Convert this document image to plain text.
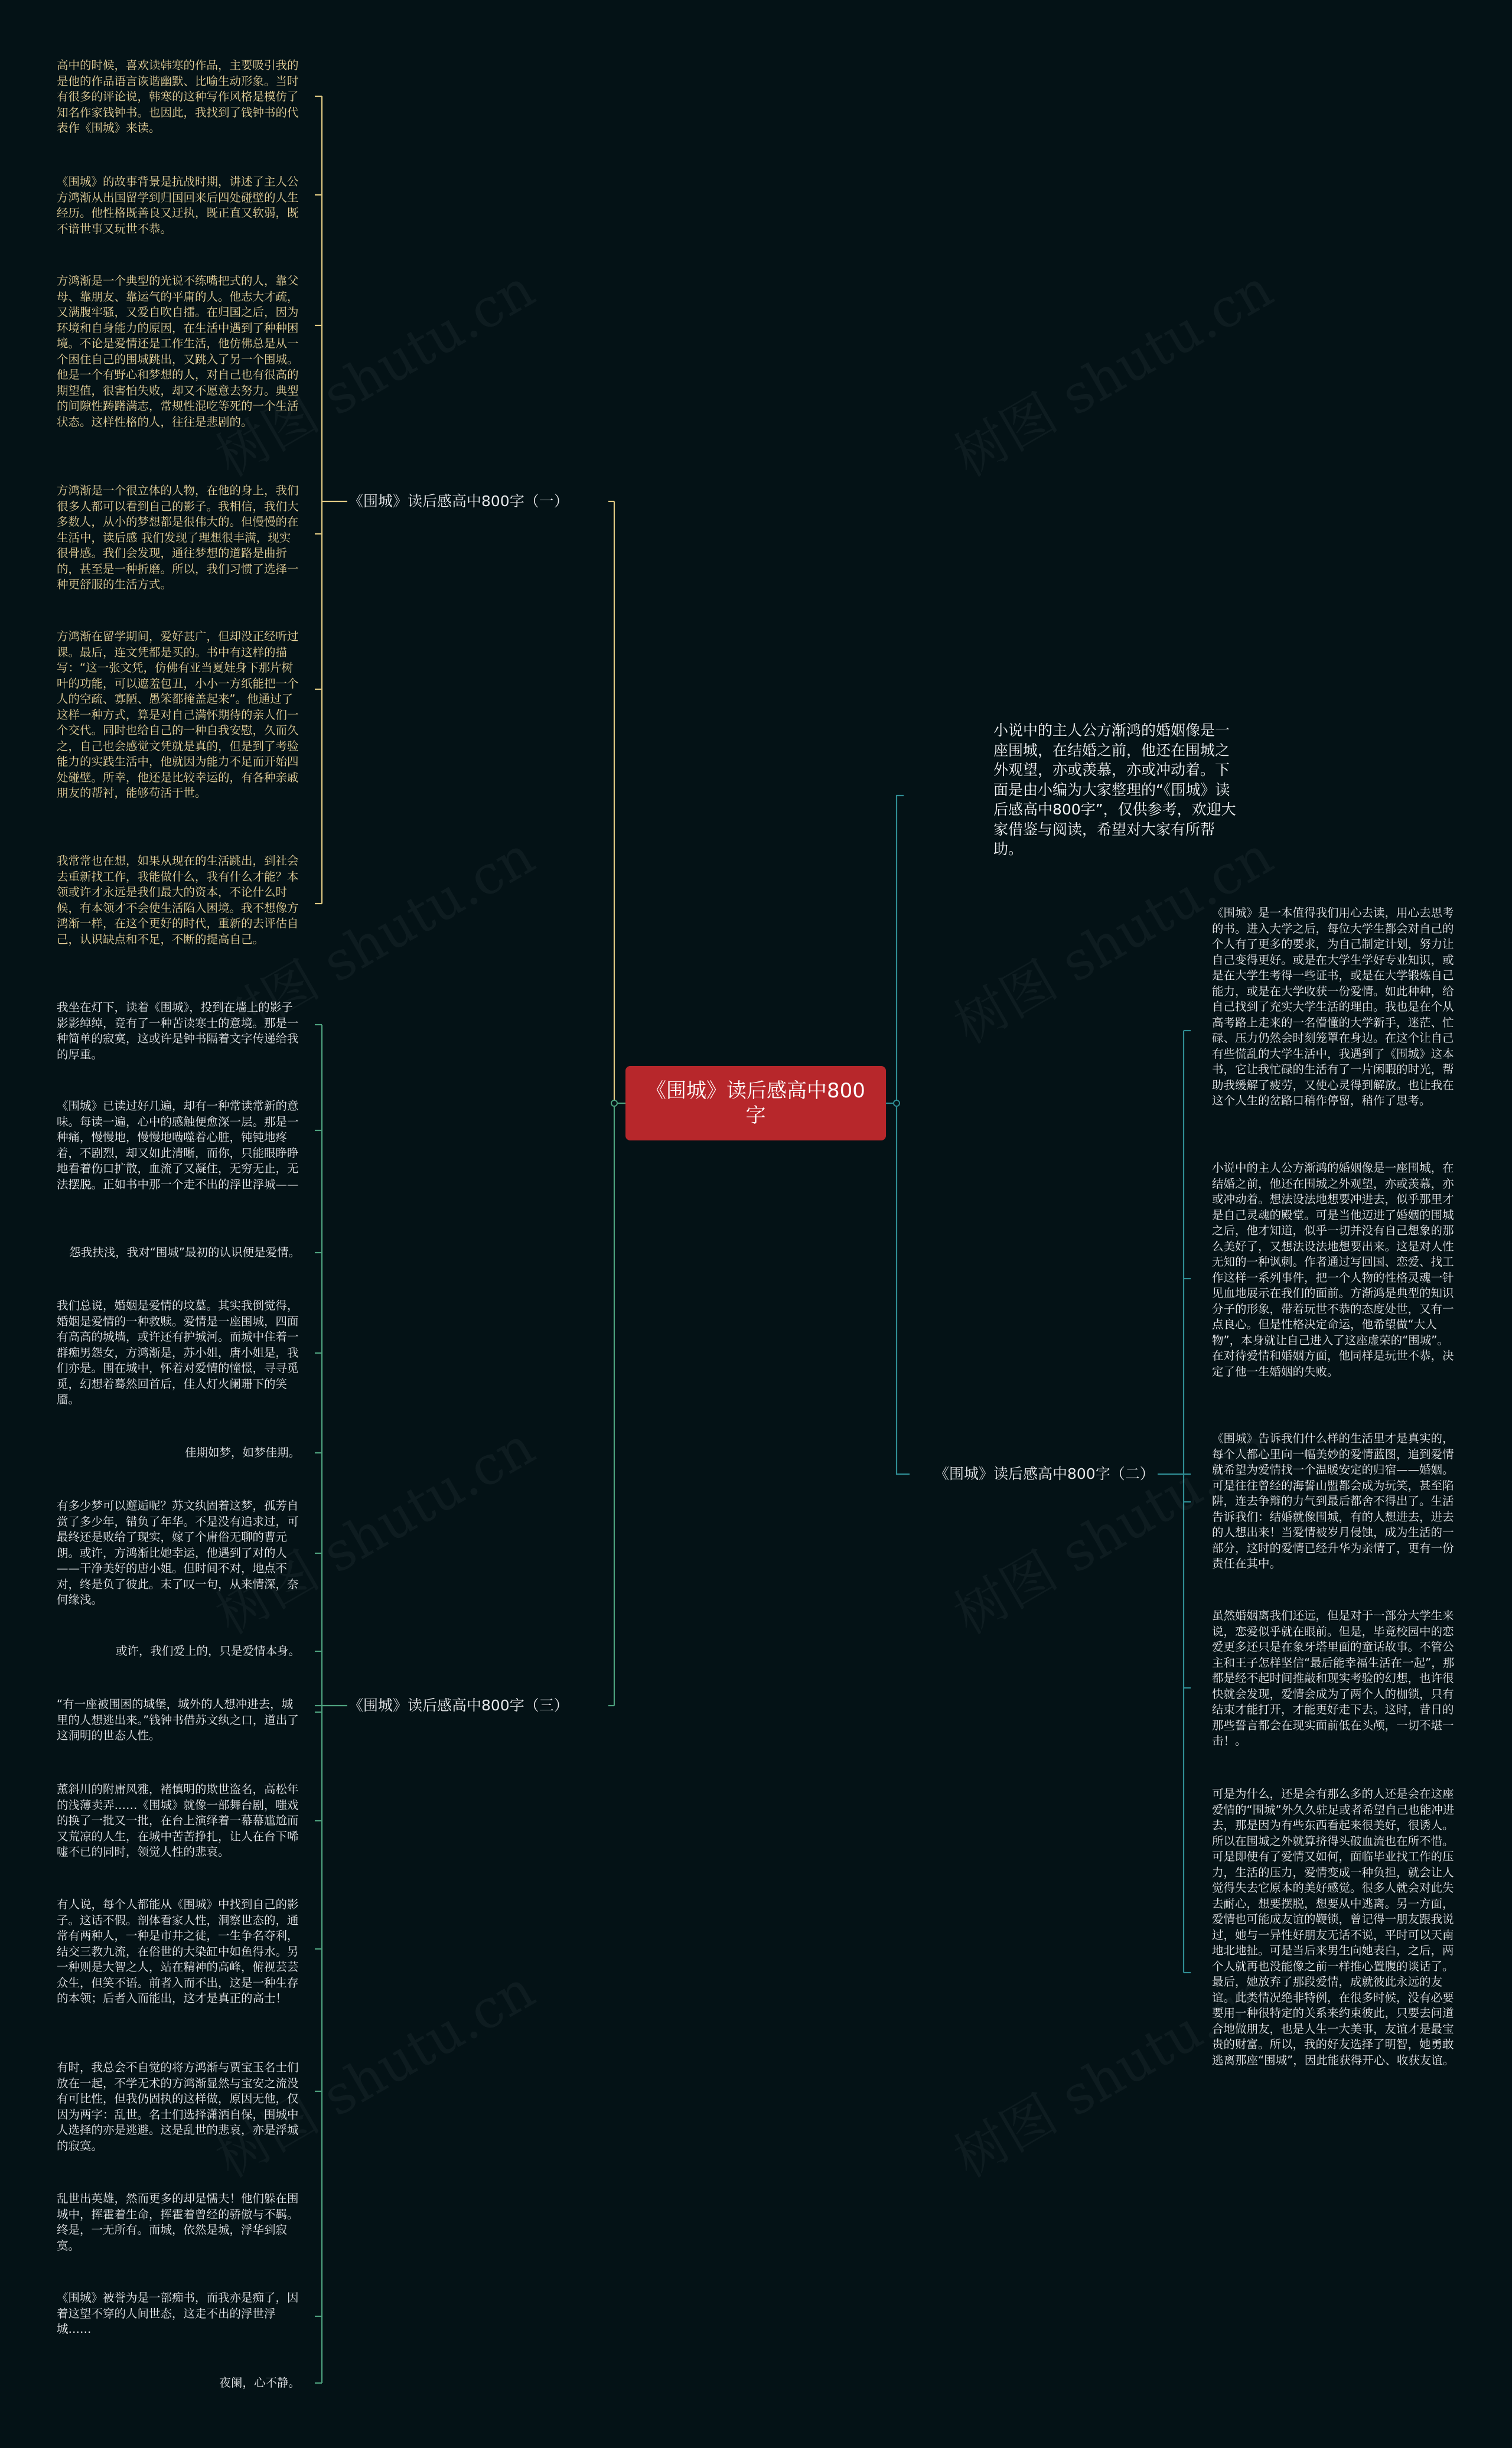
《围城》读后感高中800字
小说中的主人公方渐鸿的婚姻像是一座围城，在结婚之前，他还在围城之外观望，亦或羡慕，亦或冲动着。下面是由小编为大家整理的“《围城》读后感高中800字”，仅供参考，欢迎大家借鉴与阅读，希望对大家有所帮助。
《围城》读后感高中800字（一）
《围城》读后感高中800字（二）
《围城》读后感高中800字（三）
高中的时候，喜欢读韩寒的作品，主要吸引我的是他的作品语言诙谐幽默、比喻生动形象。当时有很多的评论说，韩寒的这种写作风格是模仿了知名作家钱钟书。也因此，我找到了钱钟书的代表作《围城》来读。
《围城》的故事背景是抗战时期，讲述了主人公方鸿渐从出国留学到归国回来后四处碰壁的人生经历。他性格既善良又迂执，既正直又软弱，既不谙世事又玩世不恭。
方鸿渐是一个典型的光说不练嘴把式的人，靠父母、靠朋友、靠运气的平庸的人。他志大才疏，又满腹牢骚，又爱自吹自擂。在归国之后，因为环境和自身能力的原因，在生活中遇到了种种困境。不论是爱情还是工作生活，他仿佛总是从一个困住自己的围城跳出，又跳入了另一个围城。他是一个有野心和梦想的人，对自己也有很高的期望值，很害怕失败，却又不愿意去努力。典型的间隙性踌躇满志，常规性混吃等死的一个生活状态。这样性格的人，往往是悲剧的。
方鸿渐是一个很立体的人物，在他的身上，我们很多人都可以看到自己的影子。我相信，我们大多数人，从小的梦想都是很伟大的。但慢慢的在生活中，读后感 我们发现了理想很丰满，现实很骨感。我们会发现，通往梦想的道路是曲折的，甚至是一种折磨。所以，我们习惯了选择一种更舒服的生活方式。
方鸿渐在留学期间，爱好甚广，但却没正经听过课。最后，连文凭都是买的。书中有这样的描写：“这一张文凭，仿佛有亚当夏娃身下那片树叶的功能，可以遮羞包丑，小小一方纸能把一个人的空疏、寡陋、愚笨都掩盖起来”。他通过了这样一种方式，算是对自己满怀期待的亲人们一个交代。同时也给自己的一种自我安慰，久而久之，自己也会感觉文凭就是真的，但是到了考验能力的实践生活中，他就因为能力不足而开始四处碰壁。所幸，他还是比较幸运的，有各种亲戚朋友的帮衬，能够苟活于世。
我常常也在想，如果从现在的生活跳出，到社会去重新找工作，我能做什么，我有什么才能？本领或许才永远是我们最大的资本，不论什么时候，有本领才不会使生活陷入困境。我不想像方鸿渐一样，在这个更好的时代，重新的去评估自己，认识缺点和不足，不断的提高自己。
我坐在灯下，读着《围城》，投到在墙上的影子影影绰绰，竟有了一种苦读寒士的意境。那是一种简单的寂寞，这或许是钟书隔着文字传递给我的厚重。
《围城》已读过好几遍，却有一种常读常新的意味。每读一遍，心中的感触便愈深一层。那是一种痛，慢慢地，慢慢地啮噬着心脏，钝钝地疼着，不剧烈，却又如此清晰，而你，只能眼睁睁地看着伤口扩散，血流了又凝住，无穷无止，无法摆脱。正如书中那一个走不出的浮世浮城——
怨我扶浅，我对“围城”最初的认识便是爱情。
我们总说，婚姻是爱情的坟墓。其实我倒觉得，婚姻是爱情的一种救赎。爱情是一座围城，四面有高高的城墙，或许还有护城河。而城中住着一群痴男怨女，方鸿渐是，苏小姐，唐小姐是，我们亦是。围在城中，怀着对爱情的憧憬，寻寻觅觅，幻想着蓦然回首后，佳人灯火阑珊下的笑靥。
佳期如梦，如梦佳期。
有多少梦可以邂逅呢？苏文纨固着这梦，孤芳自赏了多少年，错负了年华。不是没有追求过，可最终还是败给了现实，嫁了个庸俗无聊的曹元朗。或许，方鸿渐比她幸运，他遇到了对的人——干净美好的唐小姐。但时间不对，地点不对，终是负了彼此。末了叹一句，从来情深，奈何缘浅。
或许，我们爱上的，只是爱情本身。
“有一座被围困的城堡，城外的人想冲进去，城里的人想逃出来。”钱钟书借苏文纨之口，道出了这洞明的世态人性。
薰斜川的附庸风雅，褚慎明的欺世盗名，高松年的浅薄卖弄……《围城》就像一部舞台剧，嗤戏的换了一批又一批，在台上演绎着一幕幕尴尬而又荒凉的人生，在城中苦苦挣扎，让人在台下唏嘘不已的同时，领觉人性的悲哀。
有人说，每个人都能从《围城》中找到自己的影子。这话不假。剖体看家人性，洞察世态的，通常有两种人，一种是市井之徒，一生争名夺利，结交三教九流，在俗世的大染缸中如鱼得水。另一种则是大智之人，站在精神的高峰，俯视芸芸众生，但笑不语。前者入而不出，这是一种生存的本领；后者入而能出，这才是真正的高士！
有时，我总会不自觉的将方鸿渐与贾宝玉名士们放在一起，不学无术的方鸿渐显然与宝安之流没有可比性，但我仍固执的这样做，原因无他，仅因为两字：乱世。名士们选择潇洒自保，围城中人选择的亦是逃避。这是乱世的悲哀，亦是浮城的寂寞。
乱世出英雄，然而更多的却是懦夫！他们躲在围城中，挥霍着生命，挥霍着曾经的骄傲与不羁。终是，一无所有。而城，依然是城，浮华到寂寞。
《围城》被誉为是一部痴书，而我亦是痴了，因着这望不穿的人间世态，这走不出的浮世浮城……
夜阑，心不静。
《围城》是一本值得我们用心去读，用心去思考的书。进入大学之后，每位大学生都会对自己的个人有了更多的要求，为自己制定计划，努力让自己变得更好。或是在大学生学好专业知识，或是在大学生考得一些证书，或是在大学锻炼自己能力，或是在大学收获一份爱情。如此种种，给自己找到了充实大学生活的理由。我也是在个从高考路上走来的一名懵懂的大学新手，迷茫、忙碌、压力仍然会时刻笼罩在身边。在这个让自己有些慌乱的大学生活中，我遇到了《围城》这本书，它让我忙碌的生活有了一片闲暇的时光，帮助我缓解了疲劳，又使心灵得到解放。也让我在这个人生的岔路口稍作停留，稍作了思考。
小说中的主人公方渐鸿的婚姻像是一座围城，在结婚之前，他还在围城之外观望，亦或羡慕，亦或冲动着。想法设法地想要冲进去，似乎那里才是自己灵魂的殿堂。可是当他迈进了婚姻的围城之后，他才知道，似乎一切并没有自己想象的那么美好了，又想法设法地想要出来。这是对人性无知的一种讽刺。作者通过写回国、恋爱、找工作这样一系列事件，把一个人物的性格灵魂一针见血地展示在我们的面前。方渐鸿是典型的知识分子的形象，带着玩世不恭的态度处世，又有一点良心。但是性格决定命运，他希望做“大人物”，本身就让自己进入了这座虚荣的“围城”。在对待爱情和婚姻方面，他同样是玩世不恭，决定了他一生婚姻的失败。
《围城》告诉我们什么样的生活里才是真实的，每个人都心里向一幅美妙的爱情蓝图，追到爱情就希望为爱情找一个温暖安定的归宿——婚姻。可是往往曾经的海誓山盟都会成为玩笑，甚至陷阱，连去争辩的力气到最后都舍不得出了。生活告诉我们：结婚就像围城，有的人想进去，进去的人想出来！当爱情被岁月侵蚀，成为生活的一部分，这时的爱情已经升华为亲情了，更有一份责任在其中。
虽然婚姻离我们还远，但是对于一部分大学生来说，恋爱似乎就在眼前。但是，毕竟校园中的恋爱更多还只是在象牙塔里面的童话故事。不管公主和王子怎样坚信“最后能幸福生活在一起”，那都是经不起时间推敲和现实考验的幻想，也许很快就会发现，爱情会成为了两个人的枷锁，只有结束才能打开，才能更好走下去。这时，昔日的那些誓言都会在现实面前低在头颅，一切不堪一击！。
可是为什么，还是会有那么多的人还是会在这座爱情的“围城”外久久驻足或者希望自己也能冲进去，那是因为有些东西看起来很美好，很诱人。所以在围城之外就算挤得头破血流也在所不惜。可是即使有了爱情又如何，面临毕业找工作的压力，生活的压力，爱情变成一种负担，就会让人觉得失去它原本的美好感觉。很多人就会对此失去耐心，想要摆脱，想要从中逃离。另一方面，爱情也可能成友谊的鞭锁，曾记得一朋友跟我说过，她与一异性好朋友无话不说，平时可以天南地北地扯。可是当后来男生向她表白，之后，两个人就再也没能像之前一样推心置腹的谈话了。最后，她放弃了那段爱情，成就彼此永远的友谊。此类情况绝非特例，在很多时候，没有必要要用一种很特定的关系来约束彼此，只要去问道合地做朋友，也是人生一大美事，友谊才是最宝贵的财富。所以，我的好友选择了明智，她勇敢逃离那座“围城”，因此能获得开心、收获友谊。
